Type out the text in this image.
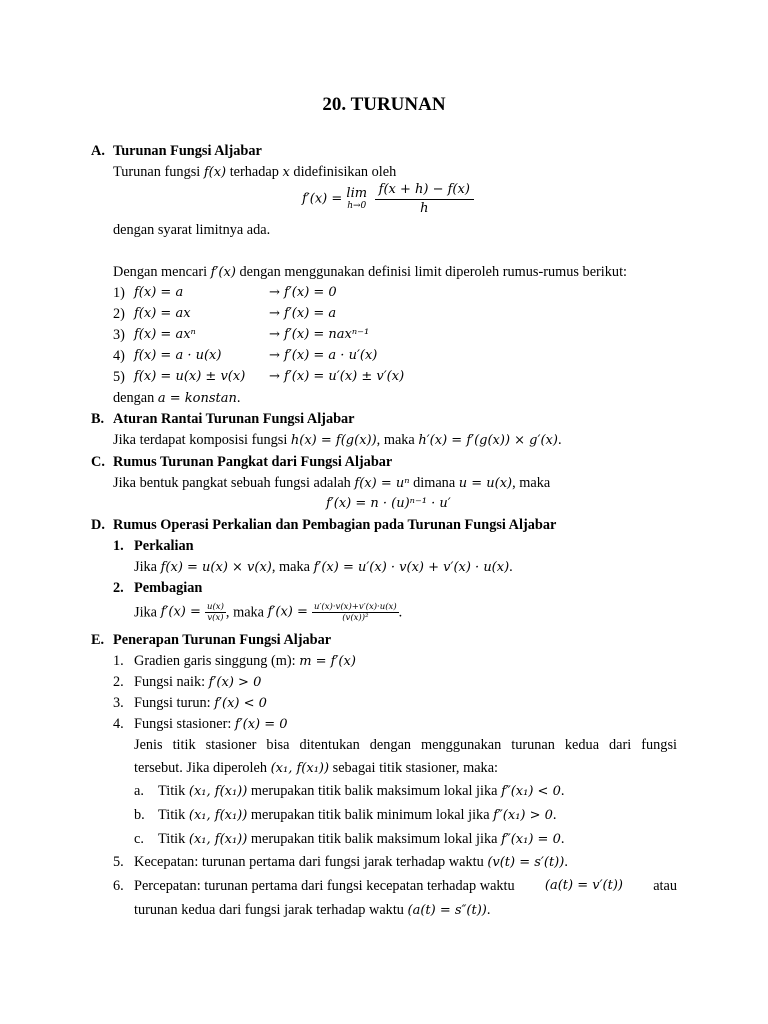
20. TURUNAN
A. Turunan Fungsi Aljabar
Turunan fungsi f(x) terhadap x didefinisikan oleh
f′(x) = lim
h→0
$\frac{f(x + h) - f(x)}{h}$
dengan syarat limitnya ada.
Dengan mencari f′(x) dengan menggunakan definisi limit diperoleh rumus-rumus berikut:
1) f(x) = a	→ f′(x) = 0
2) f(x) = ax	→ f′(x) = a
3) f(x) = axⁿ	→ f′(x) = naxⁿ⁻¹
4) f(x) = a · u(x)	→ f′(x) = a · u′(x)
5) f(x) = u(x) ± v(x) → f′(x) = u′(x) ± v′(x)
dengan a = konstan.
B. Aturan Rantai Turunan Fungsi Aljabar
Jika terdapat komposisi fungsi h(x) = f(g(x)), maka h′(x) = f′(g(x)) × g′(x).
C. Rumus Turunan Pangkat dari Fungsi Aljabar
Jika bentuk pangkat sebuah fungsi adalah f(x) = uⁿ dimana u = u(x), maka
f′(x) = n · (u)ⁿ⁻¹ · u′
D. Rumus Operasi Perkalian dan Pembagian pada Turunan Fungsi Aljabar
1. Perkalian
Jika f(x) = u(x) × v(x), maka f′(x) = u′(x) · v(x) + v′(x) · u(x).
2. Pembagian
Jika $f'(x) = \frac{u(x)}{v(x)}$ , maka $f'(x) = \frac{u'(x)\cdot v(x)+v'(x)\cdot u(x)}{\text{(v(x))²}}$ .
E. Penerapan Turunan Fungsi Aljabar
1. Gradien garis singgung (m): m = f′(x)
2. Fungsi naik: f′(x) > 0
3. Fungsi turun: f′(x) < 0
4. Fungsi stasioner: f′(x) = 0
Jenis titik stasioner bisa ditentukan dengan menggunakan turunan kedua dari fungsi
tersebut. Jika diperoleh (x₁, f(x₁)) sebagai titik stasioner, maka:
a. Titik (x₁, f(x₁)) merupakan titik balik maksimum lokal jika f″(x₁) < 0.
b. Titik (x₁, f(x₁)) merupakan titik balik minimum lokal jika f″(x₁) > 0.
c. Titik (x₁, f(x₁)) merupakan titik balik maksimum lokal jika f″(x₁) = 0.
5. Kecepatan: turunan pertama dari fungsi jarak terhadap waktu (v(t) = s′(t)).
6. Percepatan: turunan pertama dari fungsi kecepatan terhadap waktu (a(t) = v′(t)) atau
turunan kedua dari fungsi jarak terhadap waktu (a(t) = s″(t)).
